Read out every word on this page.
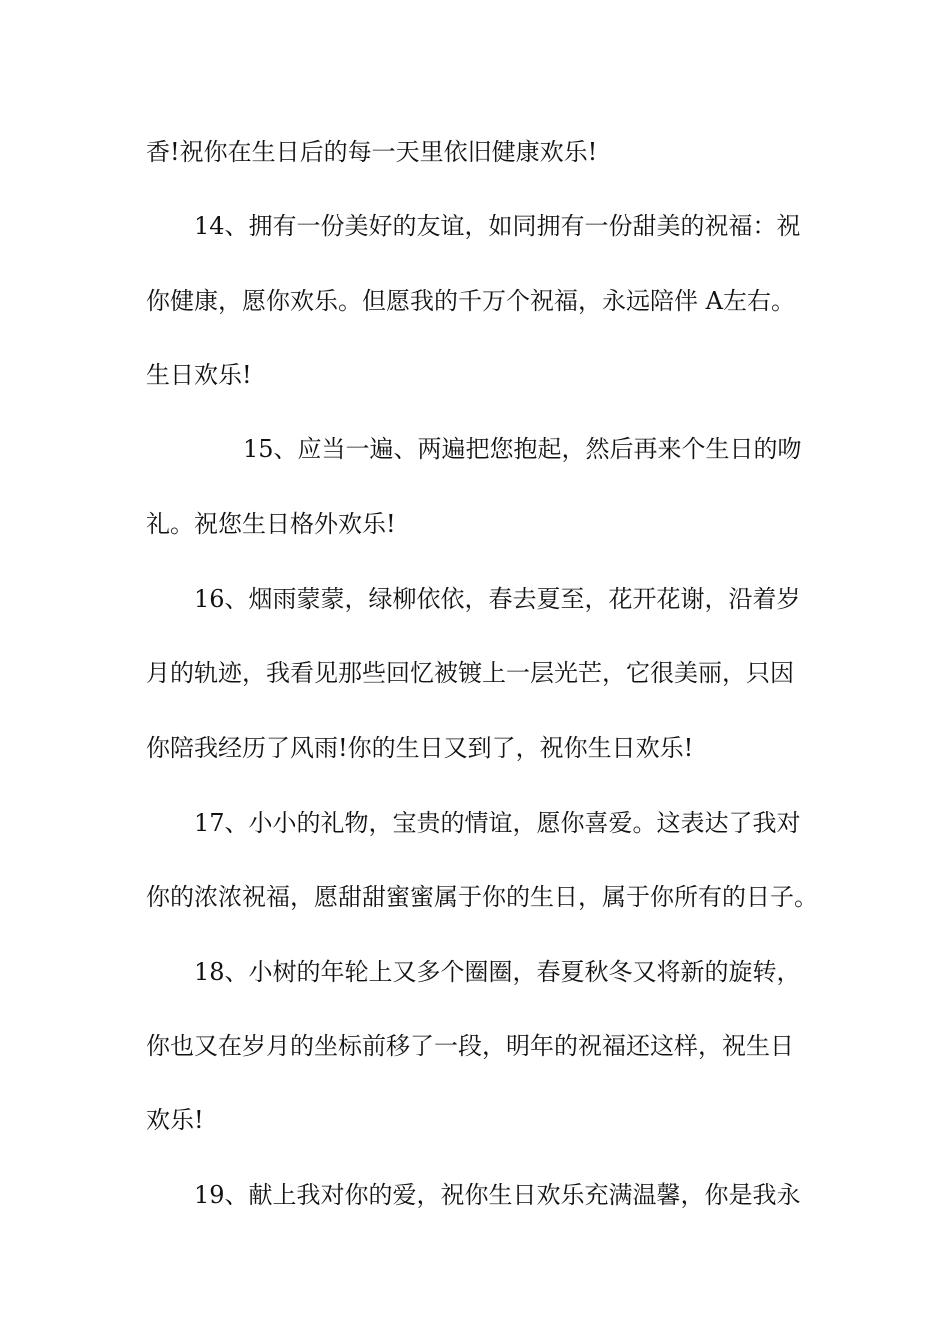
香!祝你在生日后的每一天里依旧健康欢乐!
14、拥有一份美好的友谊，如同拥有一份甜美的祝福：祝
你健康，愿你欢乐。但愿我的千万个祝福，永远陪伴 A左右。
生日欢乐!
15、应当一遍、两遍把您抱起，然后再来个生日的吻
礼。祝您生日格外欢乐!
16、烟雨蒙蒙，绿柳依依，春去夏至，花开花谢，沿着岁
月的轨迹，我看见那些回忆被镀上一层光芒，它很美丽，只因
你陪我经历了风雨!你的生日又到了，祝你生日欢乐!
17、小小的礼物，宝贵的情谊，愿你喜爱。这表达了我对
你的浓浓祝福，愿甜甜蜜蜜属于你的生日，属于你所有的日子。
18、小树的年轮上又多个圈圈，春夏秋冬又将新的旋转，
你也又在岁月的坐标前移了一段，明年的祝福还这样，祝生日
欢乐!
19、献上我对你的爱，祝你生日欢乐充满温馨，你是我永
